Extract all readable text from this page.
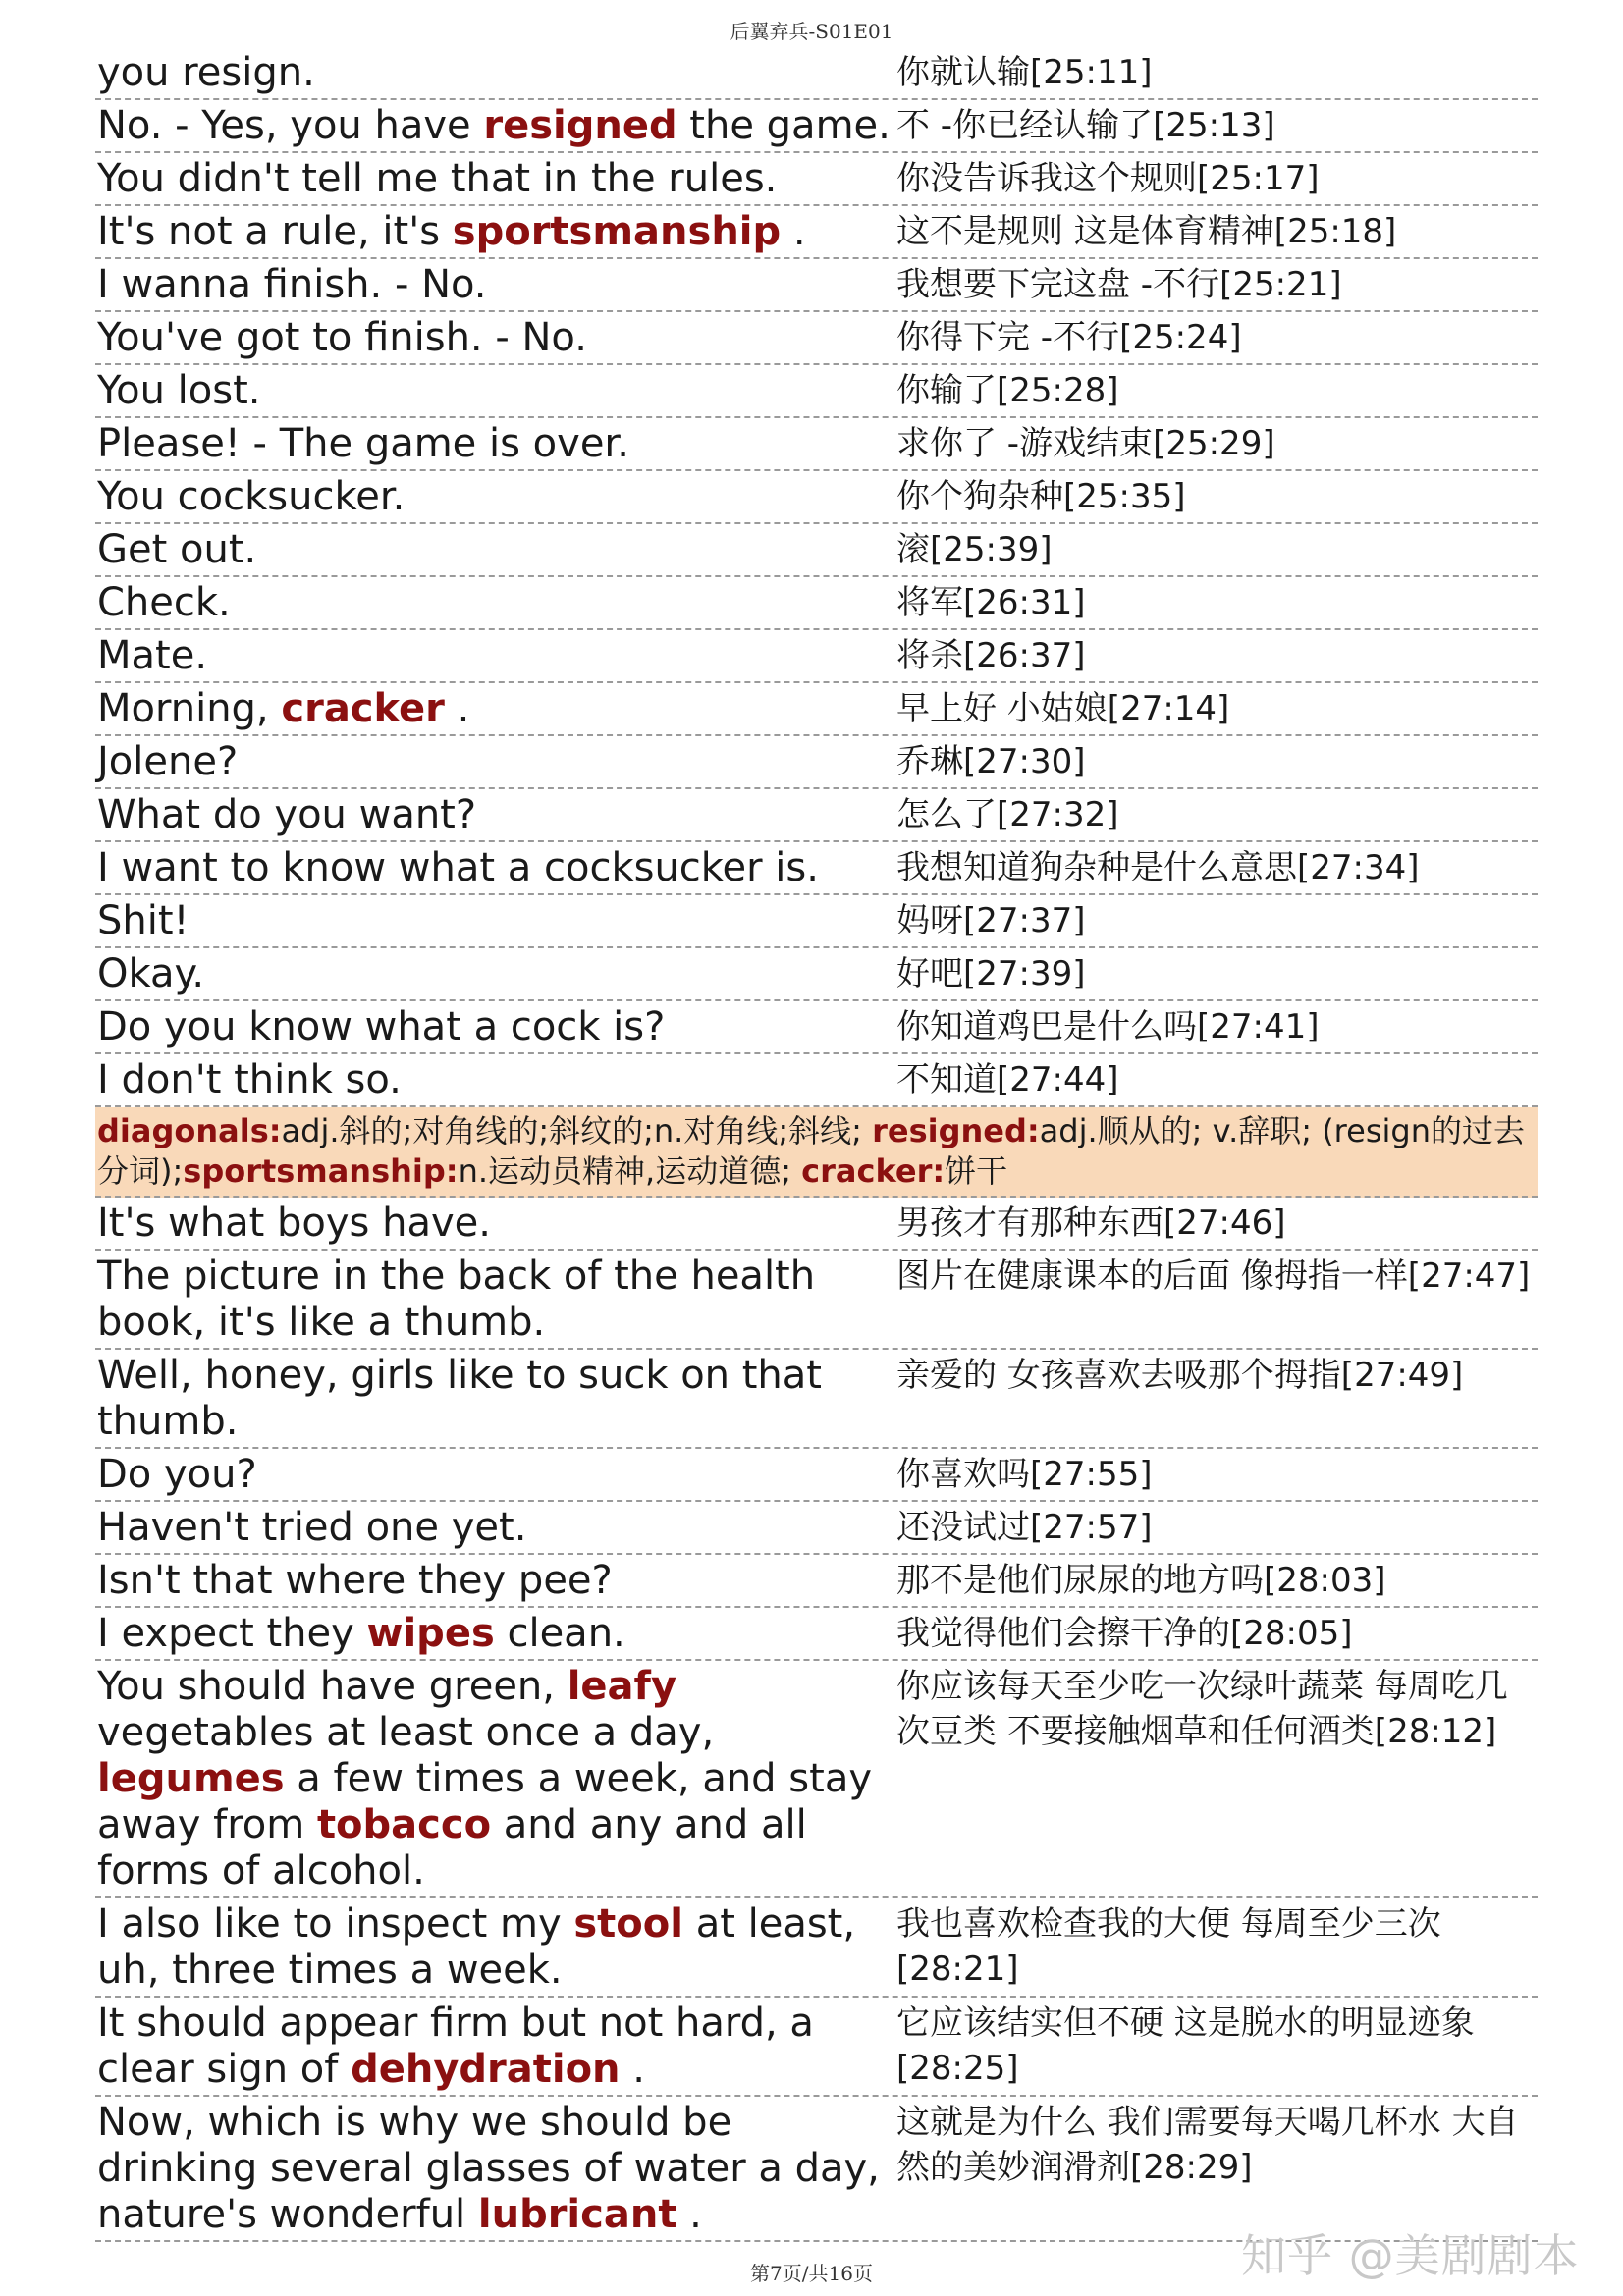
后翼弃兵-S01E01
you resign.	你就认输[25:11]
No. - Yes, you have resigned the game. 不 -你已经认输了[25:13]
You didn't tell me that in the rules.	你没告诉我这个规则[25:17]
It's not a rule, it's sportsmanship .	这不是规则 这是体育精神[25:18]
I wanna finish. - No.	我想要下完这盘 -不行[25:21]
You've got to finish. - No.	你得下完 -不行[25:24]
You lost.	你输了[25:28]
Please! - The game is over.	求你了 -游戏结束[25:29]
You cocksucker.	你个狗杂种[25:35]
Get out.	滚[25:39]
Check.	将军[26:31]
Mate.	将杀[26:37]
Morning, cracker .	早上好 小姑娘[27:14]
Jolene?	乔琳[27:30]
What do you want?	怎么了[27:32]
I want to know what a cocksucker is.	我想知道狗杂种是什么意思[27:34]
Shit!	妈呀[27:37]
Okay.	好吧[27:39]
Do you know what a cock is?	你知道鸡巴是什么吗[27:41]
I don't think so.	不知道[27:44]
diagonals:adj.斜的;对角线的;斜纹的;n.对角线;斜线; resigned:adj.顺从的; v.辞职; (resign的过去分词);sportsmanship:n.运动员精神,运动道德; cracker:饼干
It's what boys have.	男孩才有那种东西[27:46]
The picture in the back of the health book, it's like a thumb.
图片在健康课本的后面 像拇指一样[27:47]
Well, honey, girls like to suck on that thumb.
亲爱的 女孩喜欢去吸那个拇指[27:49]
Do you?	你喜欢吗[27:55]
Haven't tried one yet.	还没试过[27:57]
Isn't that where they pee?	那不是他们尿尿的地方吗[28:03]
I expect they wipes clean.	我觉得他们会擦干净的[28:05]
You should have green, leafy vegetables at least once a day, legumes a few times a week, and stay away from tobacco and any and all forms of alcohol.
你应该每天至少吃一次绿叶蔬菜 每周吃几次豆类 不要接触烟草和任何酒类[28:12]
I also like to inspect my stool at least, uh, three times a week.
我也喜欢检查我的大便 每周至少三次[28:21]
It should appear firm but not hard, a clear sign of dehydration .
它应该结实但不硬 这是脱水的明显迹象[28:25]
Now, which is why we should be drinking several glasses of water a day, nature's wonderful lubricant .
这就是为什么 我们需要每天喝几杯水 大自然的美妙润滑剂[28:29]
知乎 @美剧剧本
第7页/共16页
